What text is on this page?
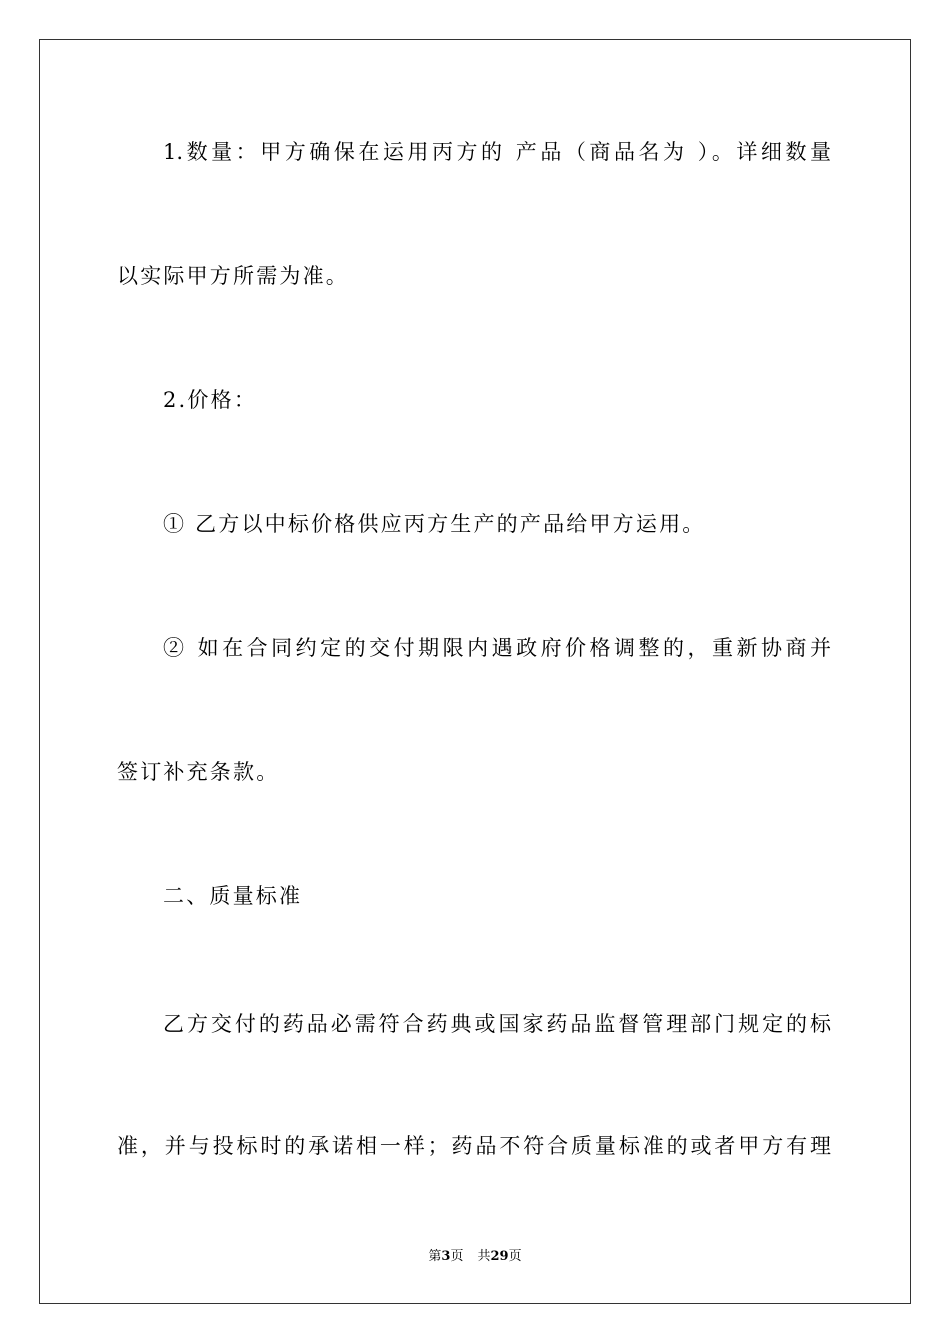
1.数量：甲方确保在运用丙方的 产品（商品名为 ）。详细数量
以实际甲方所需为准。
2.价格：
① 乙方以中标价格供应丙方生产的产品给甲方运用。
② 如在合同约定的交付期限内遇政府价格调整的，重新协商并
签订补充条款。
二、质量标准
乙方交付的药品必需符合药典或国家药品监督管理部门规定的标
准，并与投标时的承诺相一样；药品不符合质量标准的或者甲方有理
第3页 共29页
